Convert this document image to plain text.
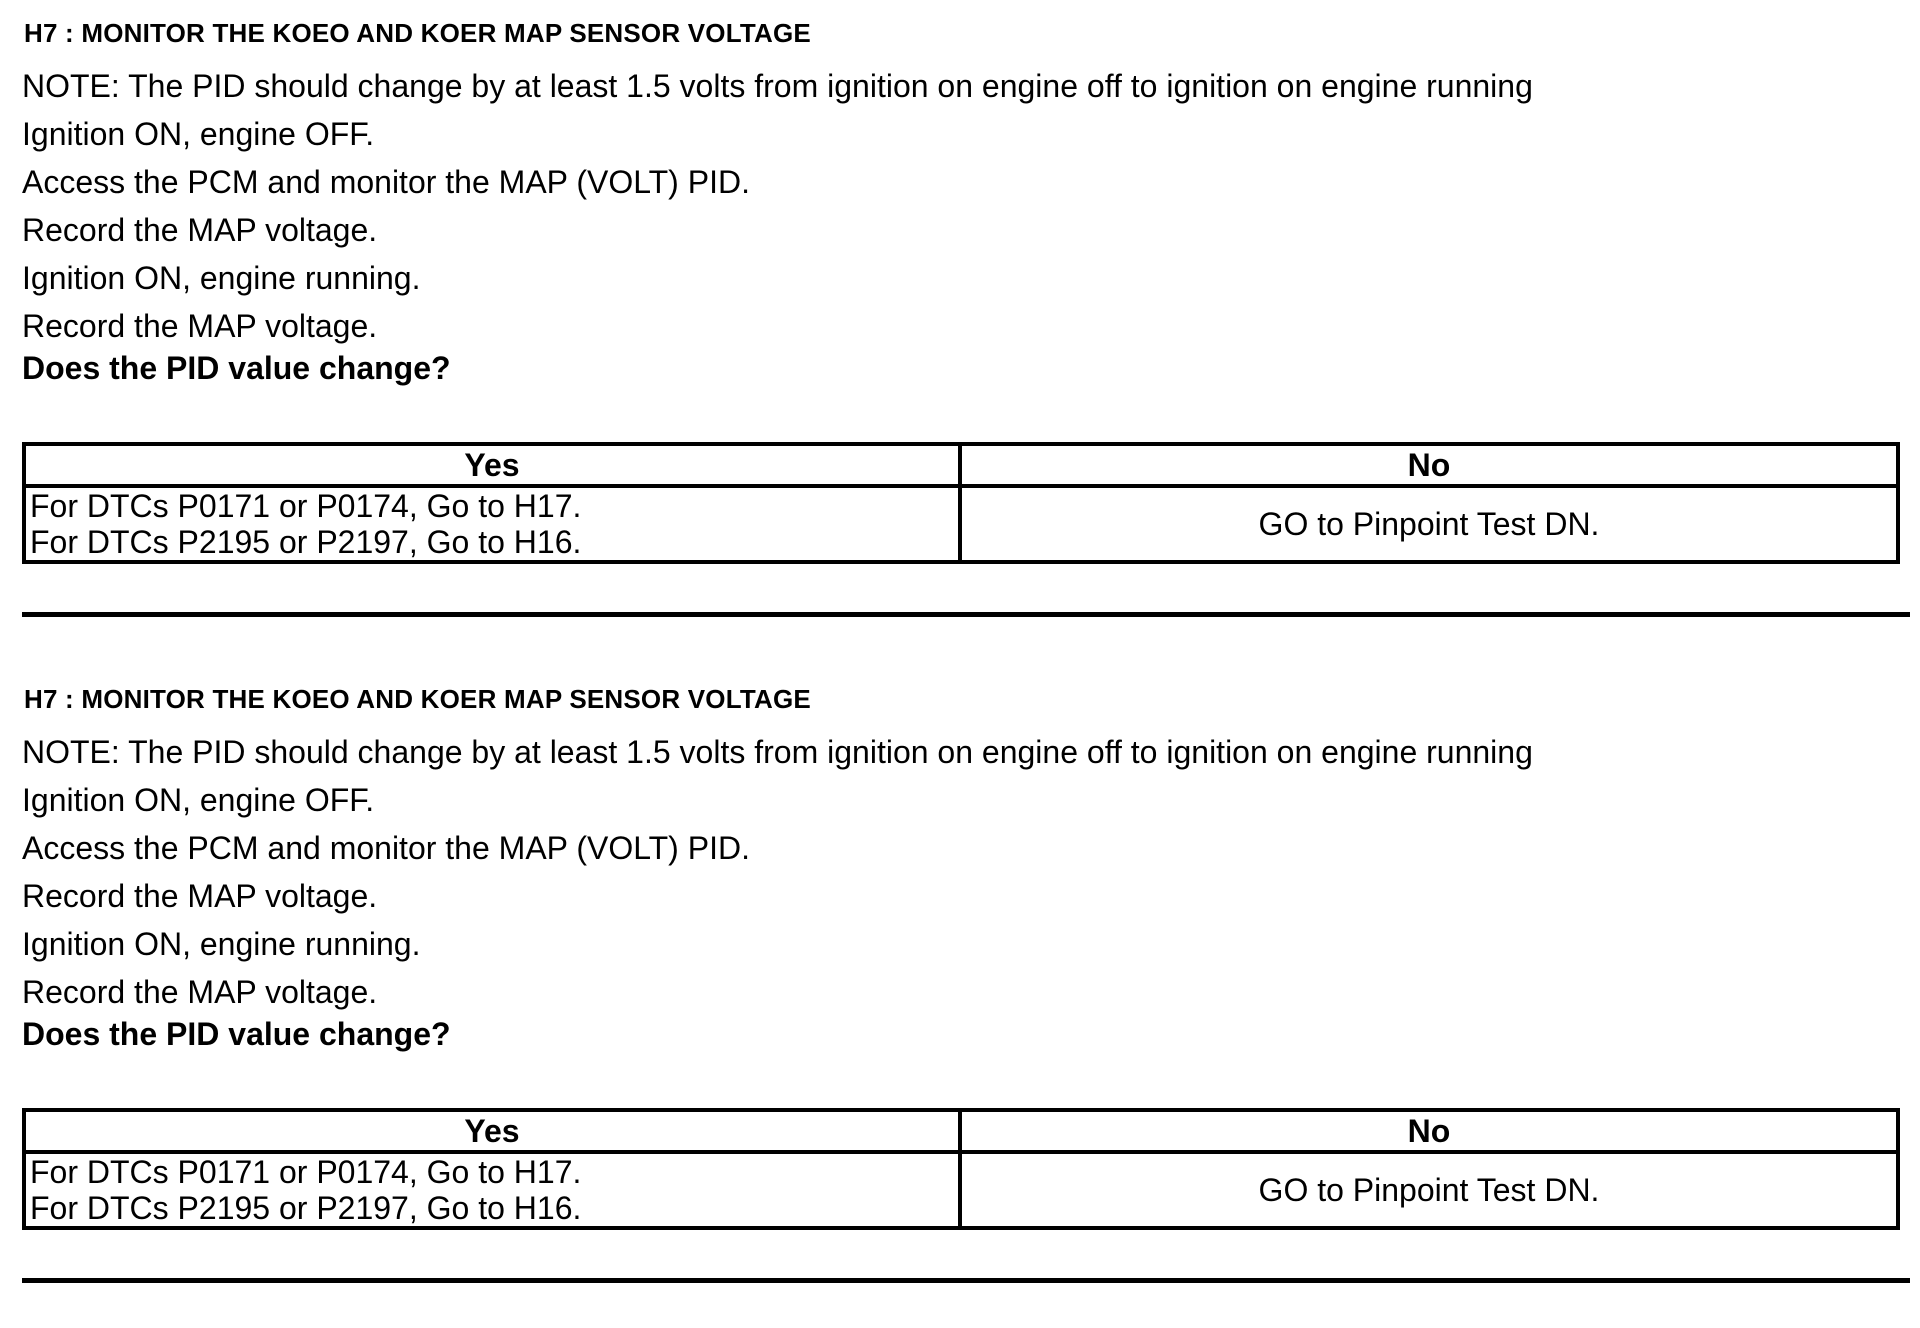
H7 : MONITOR THE KOEO AND KOER MAP SENSOR VOLTAGE
NOTE: The PID should change by at least 1.5 volts from ignition on engine off to ignition on engine running
Ignition ON, engine OFF.
Access the PCM and monitor the MAP (VOLT) PID.
Record the MAP voltage.
Ignition ON, engine running.
Record the MAP voltage.
Does the PID value change?
Yes	No

For DTCs P0171 or P0174, Go to H17.
For DTCs P2195 or P2197, Go to H16.	GO to Pinpoint Test DN.
H7 : MONITOR THE KOEO AND KOER MAP SENSOR VOLTAGE
NOTE: The PID should change by at least 1.5 volts from ignition on engine off to ignition on engine running
Ignition ON, engine OFF.
Access the PCM and monitor the MAP (VOLT) PID.
Record the MAP voltage.
Ignition ON, engine running.
Record the MAP voltage.
Does the PID value change?
Yes	No

For DTCs P0171 or P0174, Go to H17.
For DTCs P2195 or P2197, Go to H16.	GO to Pinpoint Test DN.
